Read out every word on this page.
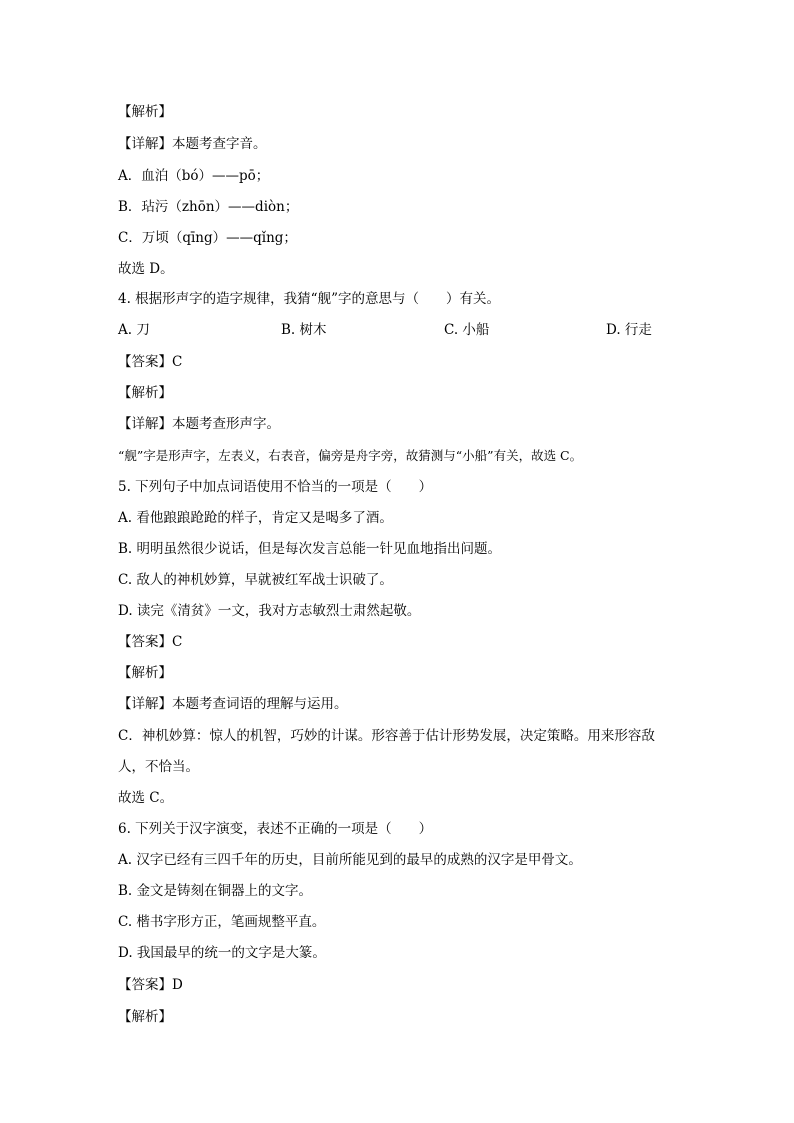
【解析】
【详解】本题考查字音。
A．血泊（bó）——pō；
B．玷污（zhōn）——diòn；
C．万顷（qīng）——qǐng；
故选 D。
4. 根据形声字的造字规律，我猜“舰”字的意思与（　　）有关。
A. 刀	B. 树木	C. 小船	D. 行走
【答案】C
【解析】
【详解】本题考查形声字。
“舰”字是形声字，左表义，右表音，偏旁是舟字旁，故猜测与“小船”有关，故选 C。
5. 下列句子中加点词语使用不恰当的一项是（　　）
A. 看他踉踉跄跄的样子，肯定又是喝多了酒。
B. 明明虽然很少说话，但是每次发言总能一针见血地指出问题。
C. 敌人的神机妙算，早就被红军战士识破了。
D. 读完《清贫》一文，我对方志敏烈士肃然起敬。
【答案】C
【解析】
【详解】本题考查词语的理解与运用。
C．神机妙算：惊人的机智，巧妙的计谋。形容善于估计形势发展，决定策略。用来形容敌
人，不恰当。
故选 C。
6. 下列关于汉字演变，表述不正确的一项是（　　）
A. 汉字已经有三四千年的历史，目前所能见到的最早的成熟的汉字是甲骨文。
B. 金文是铸刻在铜器上的文字。
C. 楷书字形方正，笔画规整平直。
D. 我国最早的统一的文字是大篆。
【答案】D
【解析】
